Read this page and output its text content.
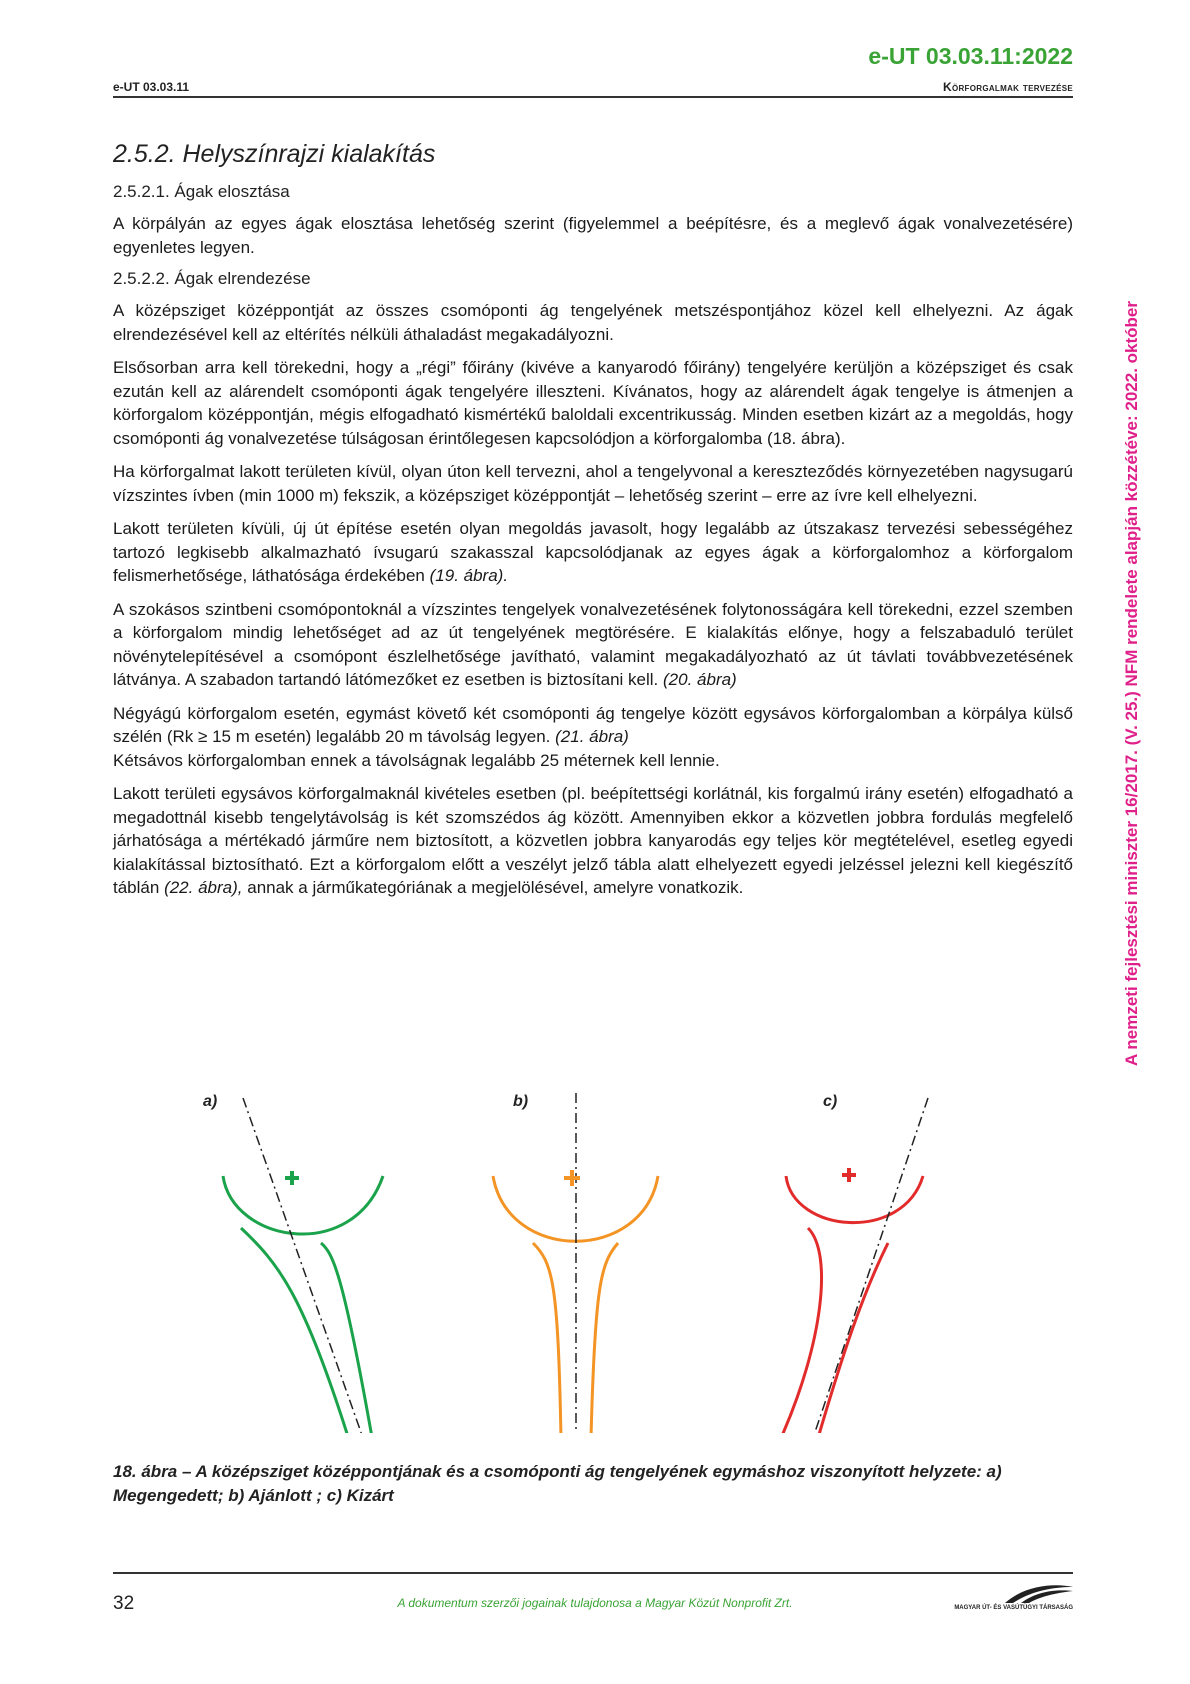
e-UT 03.03.11:2022
e-UT 03.03.11	Körforgalmak tervezése
A nemzeti fejlesztési miniszter 16/2017. (V. 25.) NFM rendelete alapján közzétéve: 2022. október
2.5.2. Helyszínrajzi kialakítás
2.5.2.1. Ágak elosztása

A körpályán az egyes ágak elosztása lehetőség szerint (figyelemmel a beépítésre, és a meglevő ágak vonalvezetésére) egyenletes legyen.

2.5.2.2. Ágak elrendezése

A középsziget középpontját az összes csomóponti ág tengelyének metszéspontjához közel kell elhelyezni. Az ágak elrendezésével kell az eltérítés nélküli áthaladást megakadályozni.

Elsősorban arra kell törekedni, hogy a „régi” főirány (kivéve a kanyarodó főirány) tengelyére kerüljön a középsziget és csak ezután kell az alárendelt csomóponti ágak tengelyére illeszteni. Kívánatos, hogy az alárendelt ágak tengelye is átmenjen a körforgalom középpontján, mégis elfogadható kismértékű baloldali excentrikusság. Minden esetben kizárt az a megoldás, hogy csomóponti ág vonalvezetése túlságosan érintőlegesen kapcsolódjon a körforgalomba (18. ábra).

Ha körforgalmat lakott területen kívül, olyan úton kell tervezni, ahol a tengelyvonal a kereszteződés környezetében nagysugarú vízszintes ívben (min 1000 m) fekszik, a középsziget középpontját – lehetőség szerint – erre az ívre kell elhelyezni.

Lakott területen kívüli, új út építése esetén olyan megoldás javasolt, hogy legalább az útszakasz tervezési sebességéhez tartozó legkisebb alkalmazható ívsugarú szakasszal kapcsolódjanak az egyes ágak a körforgalomhoz a körforgalom felismerhetősége, láthatósága érdekében (19. ábra).

A szokásos szintbeni csomópontoknál a vízszintes tengelyek vonalvezetésének folytonosságára kell törekedni, ezzel szemben a körforgalom mindig lehetőséget ad az út tengelyének megtörésére. E kialakítás előnye, hogy a felszabaduló terület növénytelepítésével a csomópont észlelhetősége javítható, valamint megakadályozható az út távlati továbbvezetésének látványa. A szabadon tartandó látómezőket ez esetben is biztosítani kell. (20. ábra)

Négyágú körforgalom esetén, egymást követő két csomóponti ág tengelye között egysávos körforgalomban a körpálya külső szélén (Rk ≥ 15 m esetén) legalább 20 m távolság legyen. (21. ábra)
Kétsávos körforgalomban ennek a távolságnak legalább 25 méternek kell lennie.

Lakott területi egysávos körforgalmaknál kivételes esetben (pl. beépítettségi korlátnál, kis forgalmú irány esetén) elfogadható a megadottnál kisebb tengelytávolság is két szomszédos ág között. Amennyiben ekkor a közvetlen jobbra fordulás megfelelő járhatósága a mértékadó járműre nem biztosított, a közvetlen jobbra kanyarodás egy teljes kör megtételével, esetleg egyedi kialakítással biztosítható. Ezt a körforgalom előtt a veszélyt jelző tábla alatt elhelyezett egyedi jelzéssel jelezni kell kiegészítő táblán (22. ábra), annak a járműkategóriának a megjelölésével, amelyre vonatkozik.

a)	b)	c)
18. ábra – A középsziget középpontjának és a csomóponti ág tengelyének egymáshoz viszonyított helyzete: a) Megengedett; b) Ajánlott ; c) Kizárt
32	A dokumentum szerzői jogainak tulajdonosa a Magyar Közút Nonprofit Zrt.	MAGYAR ÚT- ÉS VASÚTÜGYI TÁRSASÁG
